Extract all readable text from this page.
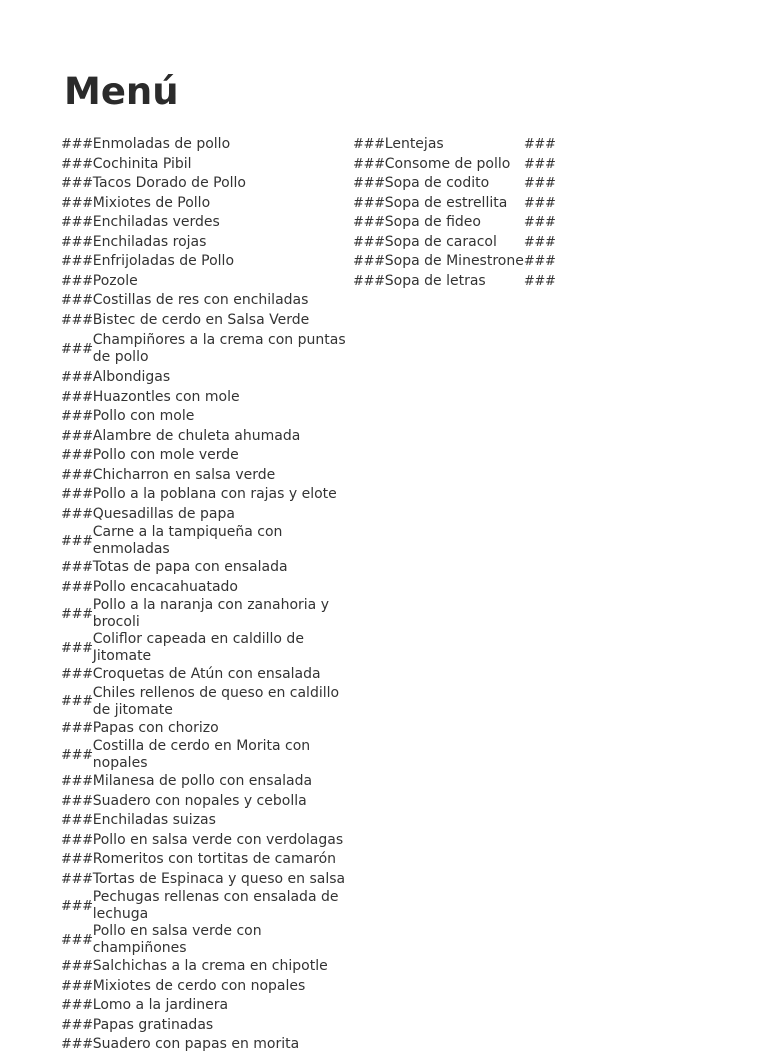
Menú
###	Enmoladas de pollo
###	Cochinita Pibil
###	Tacos Dorado de Pollo
###	Mixiotes de Pollo
###	Enchiladas verdes
###	Enchiladas rojas
###	Enfrijoladas de Pollo
###	Pozole
###	Costillas de res con enchiladas
###	Bistec de cerdo en Salsa Verde
###	Champiñores a la crema con puntas de pollo
###	Albondigas
###	Huazontles con mole
###	Pollo con mole
###	Alambre de chuleta ahumada
###	Pollo con mole verde
###	Chicharron en salsa verde
###	Pollo a la poblana con rajas y elote
###	Quesadillas de papa
###	Carne a la tampiqueña con enmoladas
###	Totas de papa con ensalada
###	Pollo encacahuatado
###	Pollo a la naranja con zanahoria y brocoli
###	Coliflor capeada en caldillo de Jitomate
###	Croquetas de Atún con ensalada
###	Chiles rellenos de queso en caldillo de jitomate
###	Papas con chorizo
###	Costilla de cerdo en Morita con nopales
###	Milanesa de pollo con ensalada
###	Suadero con nopales y cebolla
###	Enchiladas suizas
###	Pollo en salsa verde con verdolagas
###	Romeritos con tortitas de camarón
###	Tortas de Espinaca y queso en salsa
###	Pechugas rellenas con ensalada de lechuga
###	Pollo en salsa verde con champiñones
###	Salchichas a la crema en chipotle
###	Mixiotes de cerdo con nopales
###	Lomo a la jardinera
###	Papas gratinadas
###	Suadero con papas en morita
###	Lentejas	###
###	Consome de pollo	###
###	Sopa de codito	###
###	Sopa de estrellita	###
###	Sopa de fideo	###
###	Sopa de caracol	###
###	Sopa de Minestrone	###
###	Sopa de letras	###
